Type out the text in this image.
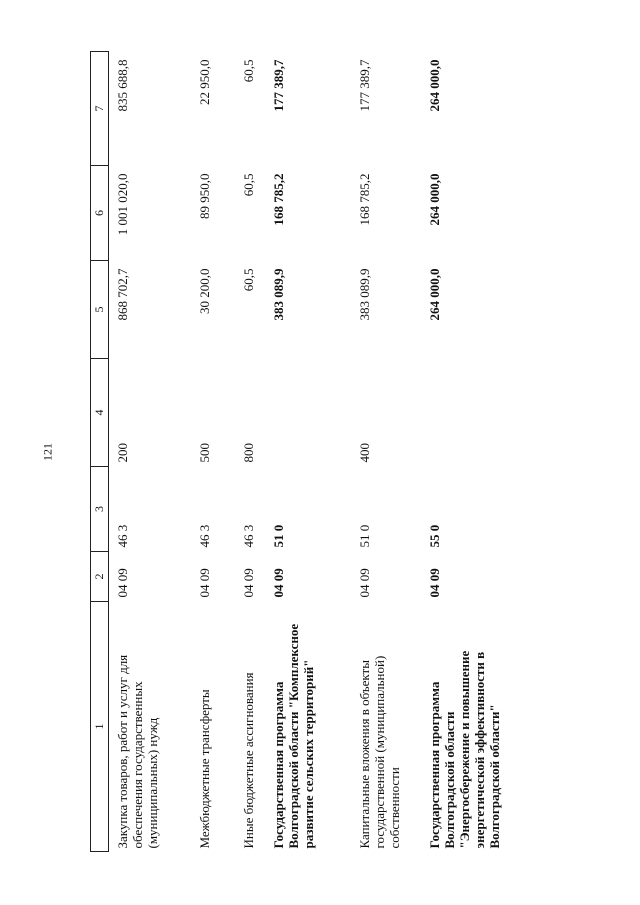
121
1	2	3	4	5	6	7
Закупка товаров, работ и услуг для обеспечения государственных (муниципальных) нужд	04 09	46 3	200	868 702,7	1 001 020,0	835 688,8
Межбюджетные трансферты	04 09	46 3	500	30 200,0	89 950,0	22 950,0
Иные бюджетные ассигнования	04 09	46 3	800	60,5	60,5	60,5
Государственная программа Волгоградской области "Комплексное развитие сельских территорий"	04 09	51 0		383 089,9	168 785,2	177 389,7
Капитальные вложения в объекты государственной (муниципальной) собственности	04 09	51 0	400	383 089,9	168 785,2	177 389,7
Государственная программа Волгоградской области "Энергосбережение и повышение энергетической эффективности в Волгоградской области"	04 09	55 0		264 000,0	264 000,0	264 000,0
